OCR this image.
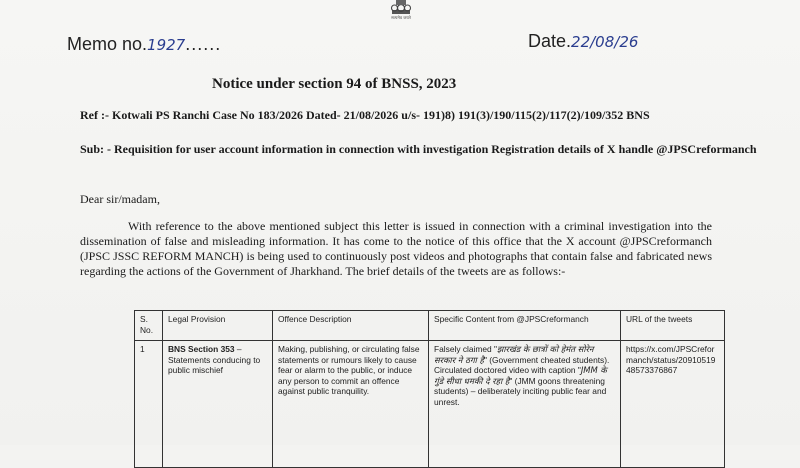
सत्यमेव जयते
Memo no.1927......	Date.22/08/26
Notice under section 94 of BNSS, 2023
Ref :- Kotwali PS Ranchi Case No 183/2026 Dated- 21/08/2026 u/s- 191)8) 191(3)/190/115(2)/117(2)/109/352 BNS
Sub: - Requisition for user account information in connection with investigation Registration details of X handle @JPSCreformanch
Dear sir/madam,
With reference to the above mentioned subject this letter is issued in connection with a criminal investigation into the dissemination of false and misleading information. It has come to the notice of this office that the X account @JPSCreformanch (JPSC JSSC REFORM MANCH) is being used to continuously post videos and photographs that contain false and fabricated news regarding the actions of the Government of Jharkhand. The brief details of the tweets are as follows:-
S. No.	Legal Provision	Offence Description	Specific Content from @JPSCreformanch	URL of the tweets
1	BNS Section 353 – Statements conducing to public mischief	Making, publishing, or circulating false statements or rumours likely to cause fear or alarm to the public, or induce any person to commit an offence against public tranquility.	Falsely claimed "झारखंड के छात्रों को हेमंत सोरेन सरकार ने ठगा है" (Government cheated students). Circulated doctored video with caption "JMM के गुंडे सीधा धमकी दे रहा है" (JMM goons threatening students) – deliberately inciting public fear and unrest.	https://x.com/JPSCreformanch/status/2091051948573376867
